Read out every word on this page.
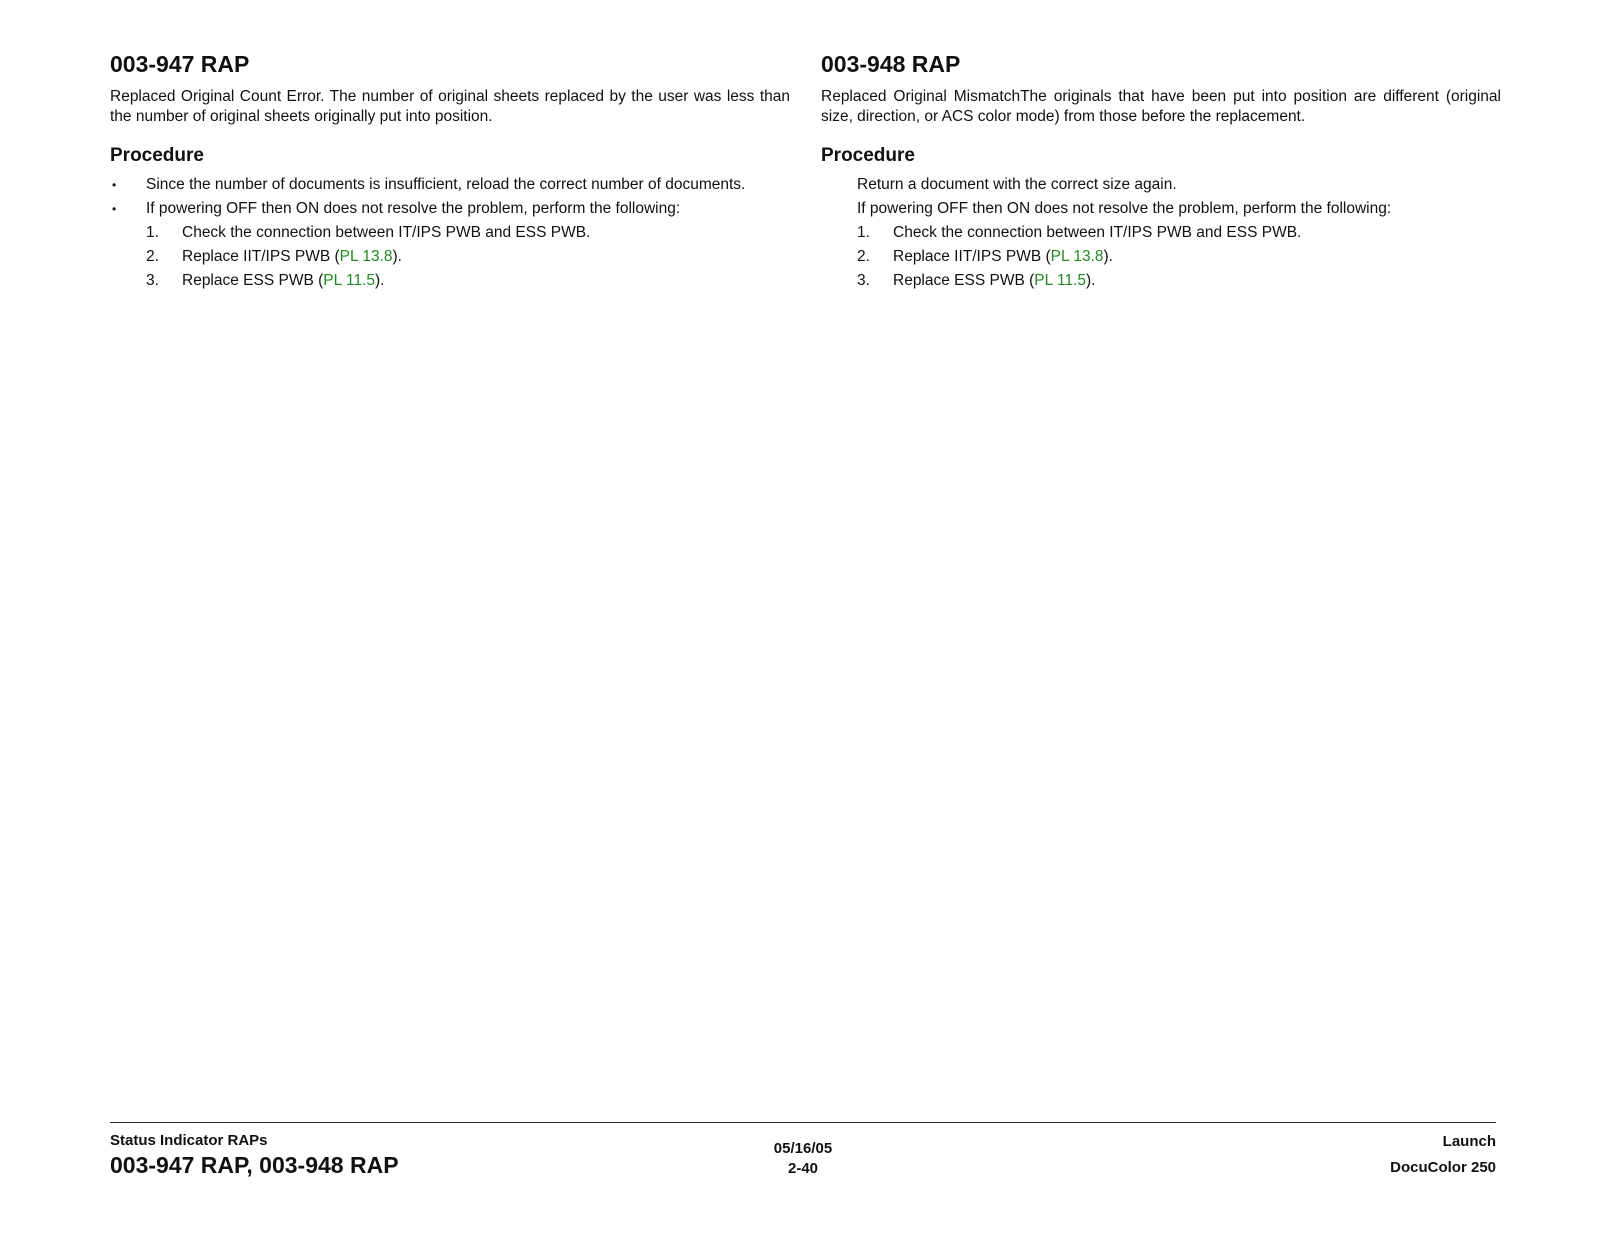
003-947 RAP

Replaced Original Count Error. The number of original sheets replaced by the user was less than the number of original sheets originally put into position.

Procedure
• Since the number of documents is insufficient, reload the correct number of documents.
• If powering OFF then ON does not resolve the problem, perform the following:
1. Check the connection between IT/IPS PWB and ESS PWB.
2. Replace IIT/IPS PWB (PL 13.8).
3. Replace ESS PWB (PL 11.5).
003-948 RAP

Replaced Original MismatchThe originals that have been put into position are different (original size, direction, or ACS color mode) from those before the replacement.

Procedure
Return a document with the correct size again.
If powering OFF then ON does not resolve the problem, perform the following:
1. Check the connection between IT/IPS PWB and ESS PWB.
2. Replace IIT/IPS PWB (PL 13.8).
3. Replace ESS PWB (PL 11.5).
Status Indicator RAPs
003-947 RAP, 003-948 RAP
05/16/05
2-40
Launch
DocuColor 250
